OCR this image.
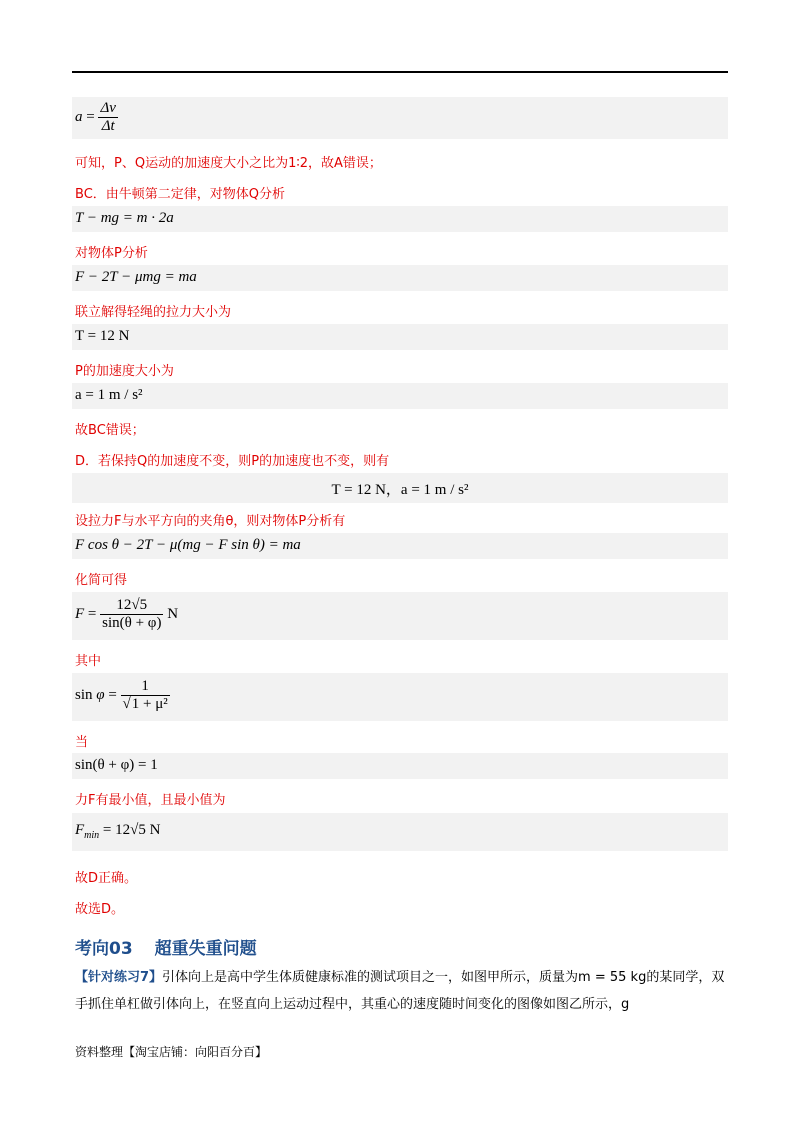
$a = \frac{\Delta v}{\Delta t}$
可知，P、Q运动的加速度大小之比为1∶2，故A错误；
BC．由牛顿第二定律，对物体Q分析
T − mg = m · 2a
对物体P分析
F − 2T − μmg = ma
联立解得轻绳的拉力大小为
T = 12 N
P的加速度大小为
a = 1 m / s²
故BC错误；
D．若保持Q的加速度不变，则P的加速度也不变，则有
T = 12 N，a = 1 m / s²
设拉力F与水平方向的夹角θ，则对物体P分析有
F cos θ − 2T − μ(mg − F sin θ) = ma
化简可得
$F = \frac{12√5}{\sin(\theta + \varphi)}$ N
其中
$\sin \varphi = \frac{1}{\text{√1 + μ²}}$
当
sin(θ + φ) = 1
力F有最小值，且最小值为
$F_{min} = 12√5$ N
故D正确。
故选D。
考向03 超重失重问题
【针对练习7】引体向上是高中学生体质健康标准的测试项目之一，如图甲所示，质量为m = 55 kg的某同学，双手抓住单杠做引体向上，在竖直向上运动过程中，其重心的速度随时间变化的图像如图乙所示，g
资料整理【淘宝店铺：向阳百分百】
